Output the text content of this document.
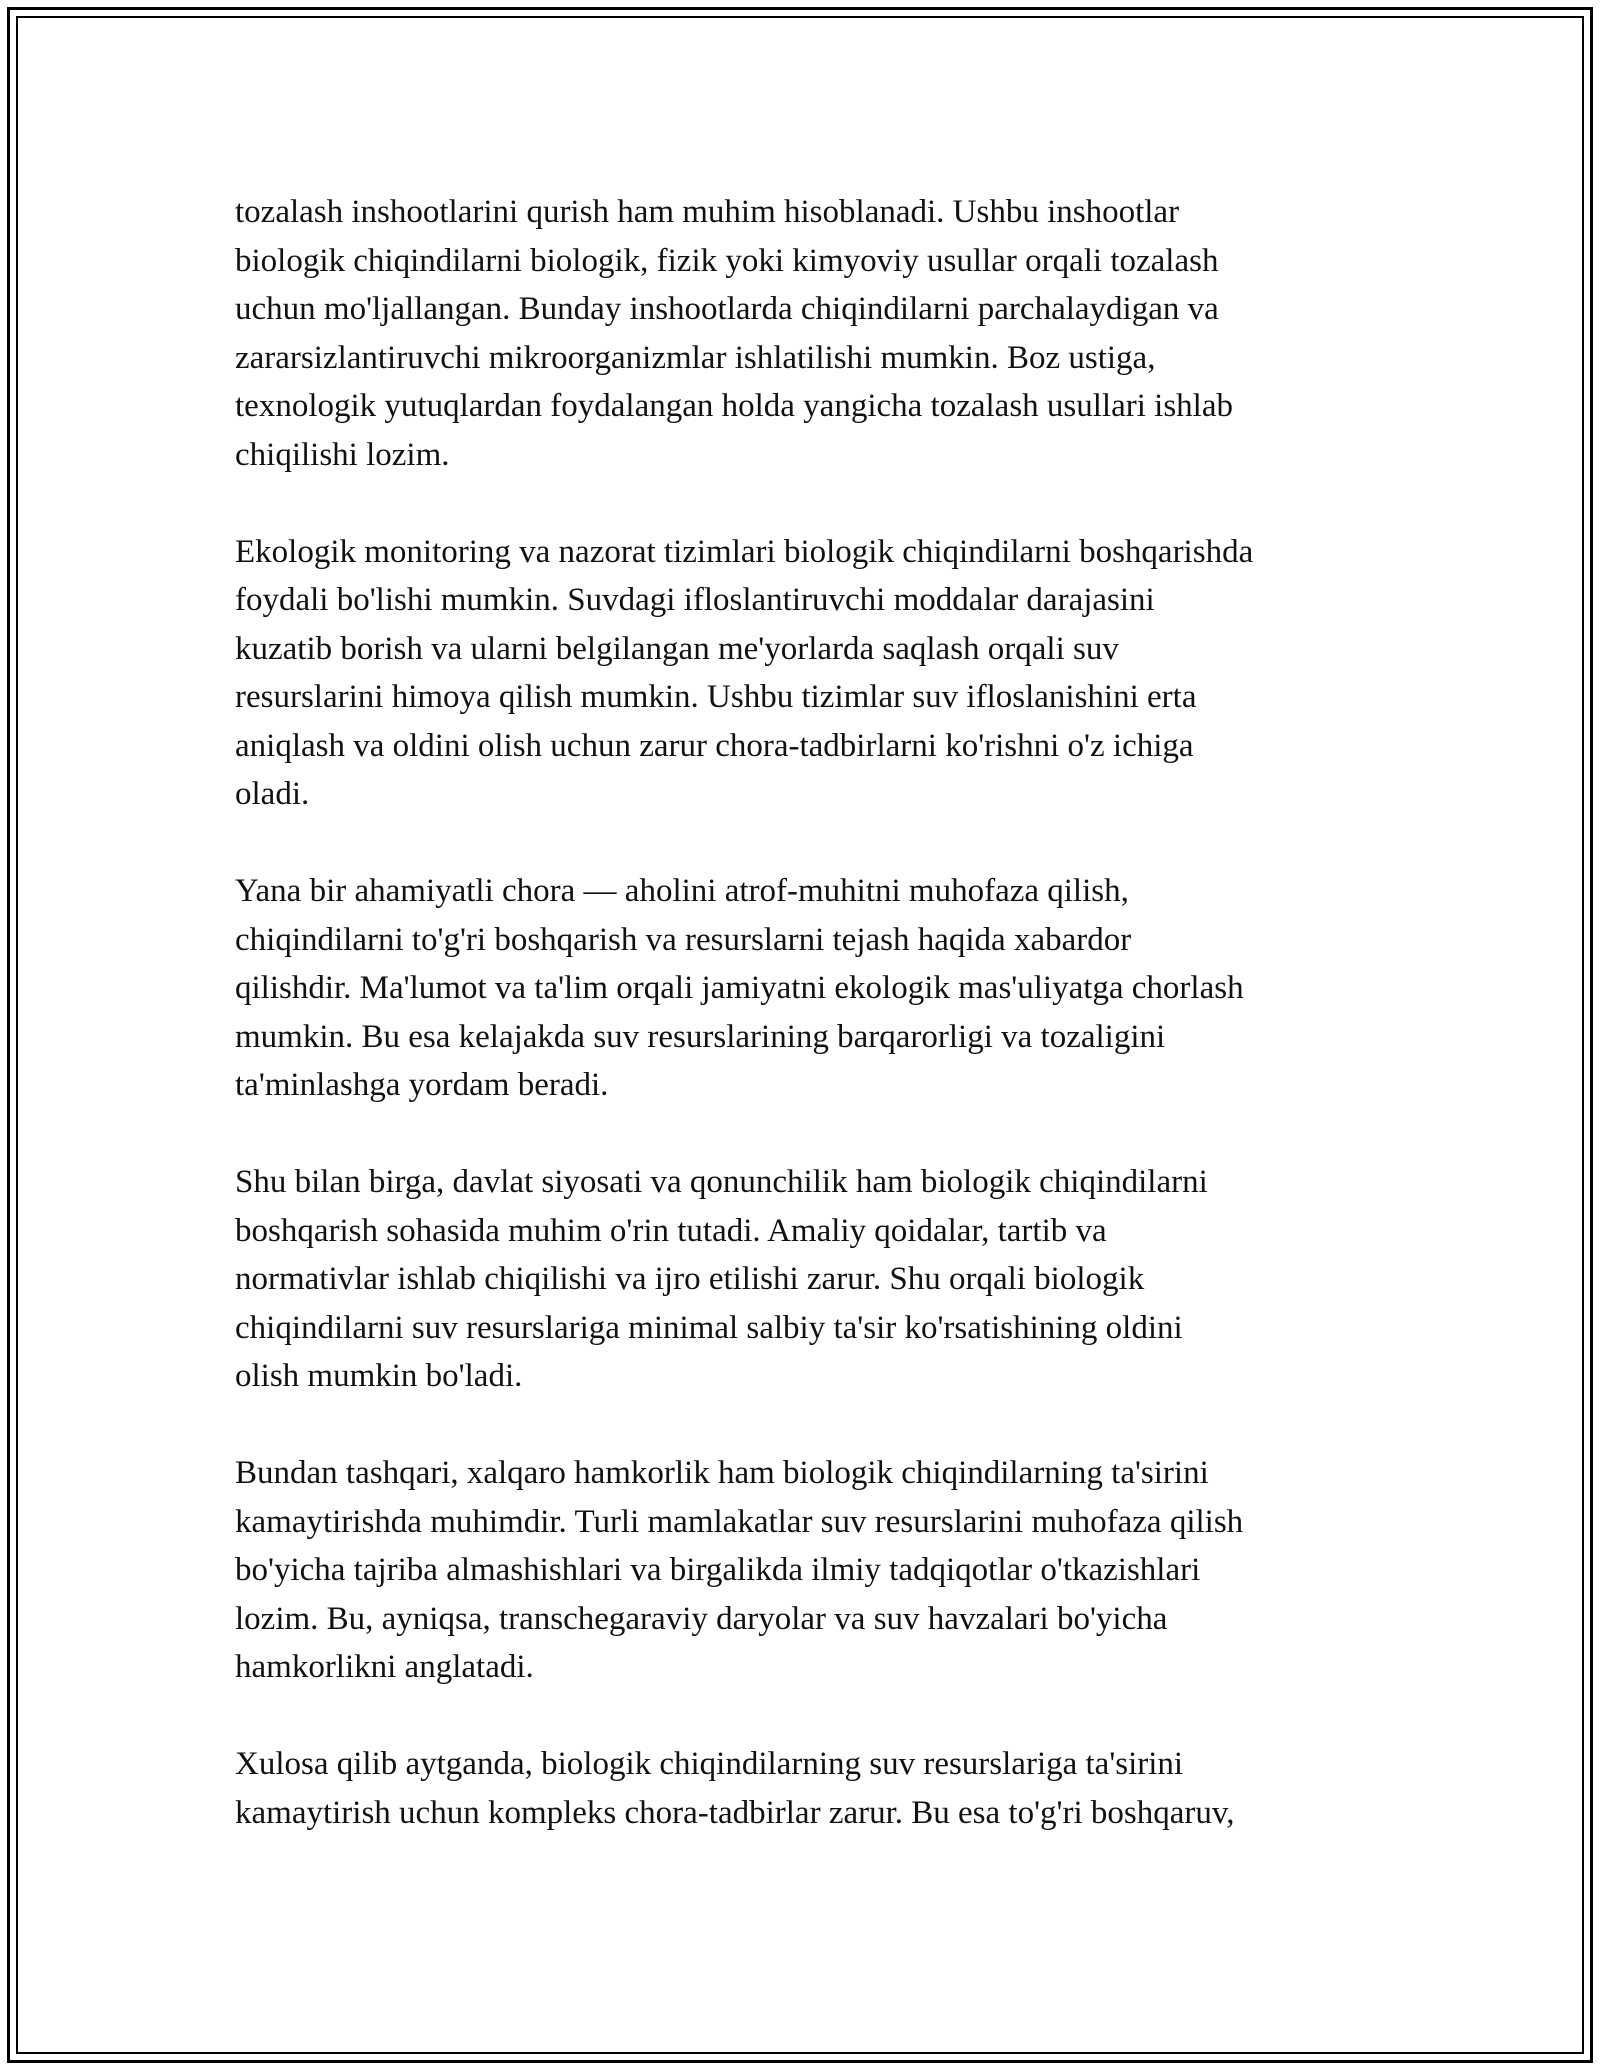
tozalash inshootlarini qurish ham muhim hisoblanadi. Ushbu inshootlar
biologik chiqindilarni biologik, fizik yoki kimyoviy usullar orqali tozalash
uchun mo'ljallangan. Bunday inshootlarda chiqindilarni parchalaydigan va
zararsizlantiruvchi mikroorganizmlar ishlatilishi mumkin. Boz ustiga,
texnologik yutuqlardan foydalangan holda yangicha tozalash usullari ishlab
chiqilishi lozim.

Ekologik monitoring va nazorat tizimlari biologik chiqindilarni boshqarishda
foydali bo'lishi mumkin. Suvdagi ifloslantiruvchi moddalar darajasini
kuzatib borish va ularni belgilangan me'yorlarda saqlash orqali suv
resurslarini himoya qilish mumkin. Ushbu tizimlar suv ifloslanishini erta
aniqlash va oldini olish uchun zarur chora-tadbirlarni ko'rishni o'z ichiga
oladi.

Yana bir ahamiyatli chora — aholini atrof-muhitni muhofaza qilish,
chiqindilarni to'g'ri boshqarish va resurslarni tejash haqida xabardor
qilishdir. Ma'lumot va ta'lim orqali jamiyatni ekologik mas'uliyatga chorlash
mumkin. Bu esa kelajakda suv resurslarining barqarorligi va tozaligini
ta'minlashga yordam beradi.

Shu bilan birga, davlat siyosati va qonunchilik ham biologik chiqindilarni
boshqarish sohasida muhim o'rin tutadi. Amaliy qoidalar, tartib va
normativlar ishlab chiqilishi va ijro etilishi zarur. Shu orqali biologik
chiqindilarni suv resurslariga minimal salbiy ta'sir ko'rsatishining oldini
olish mumkin bo'ladi.

Bundan tashqari, xalqaro hamkorlik ham biologik chiqindilarning ta'sirini
kamaytirishda muhimdir. Turli mamlakatlar suv resurslarini muhofaza qilish
bo'yicha tajriba almashishlari va birgalikda ilmiy tadqiqotlar o'tkazishlari
lozim. Bu, ayniqsa, transchegaraviy daryolar va suv havzalari bo'yicha
hamkorlikni anglatadi.

Xulosa qilib aytganda, biologik chiqindilarning suv resurslariga ta'sirini
kamaytirish uchun kompleks chora-tadbirlar zarur. Bu esa to'g'ri boshqaruv,
